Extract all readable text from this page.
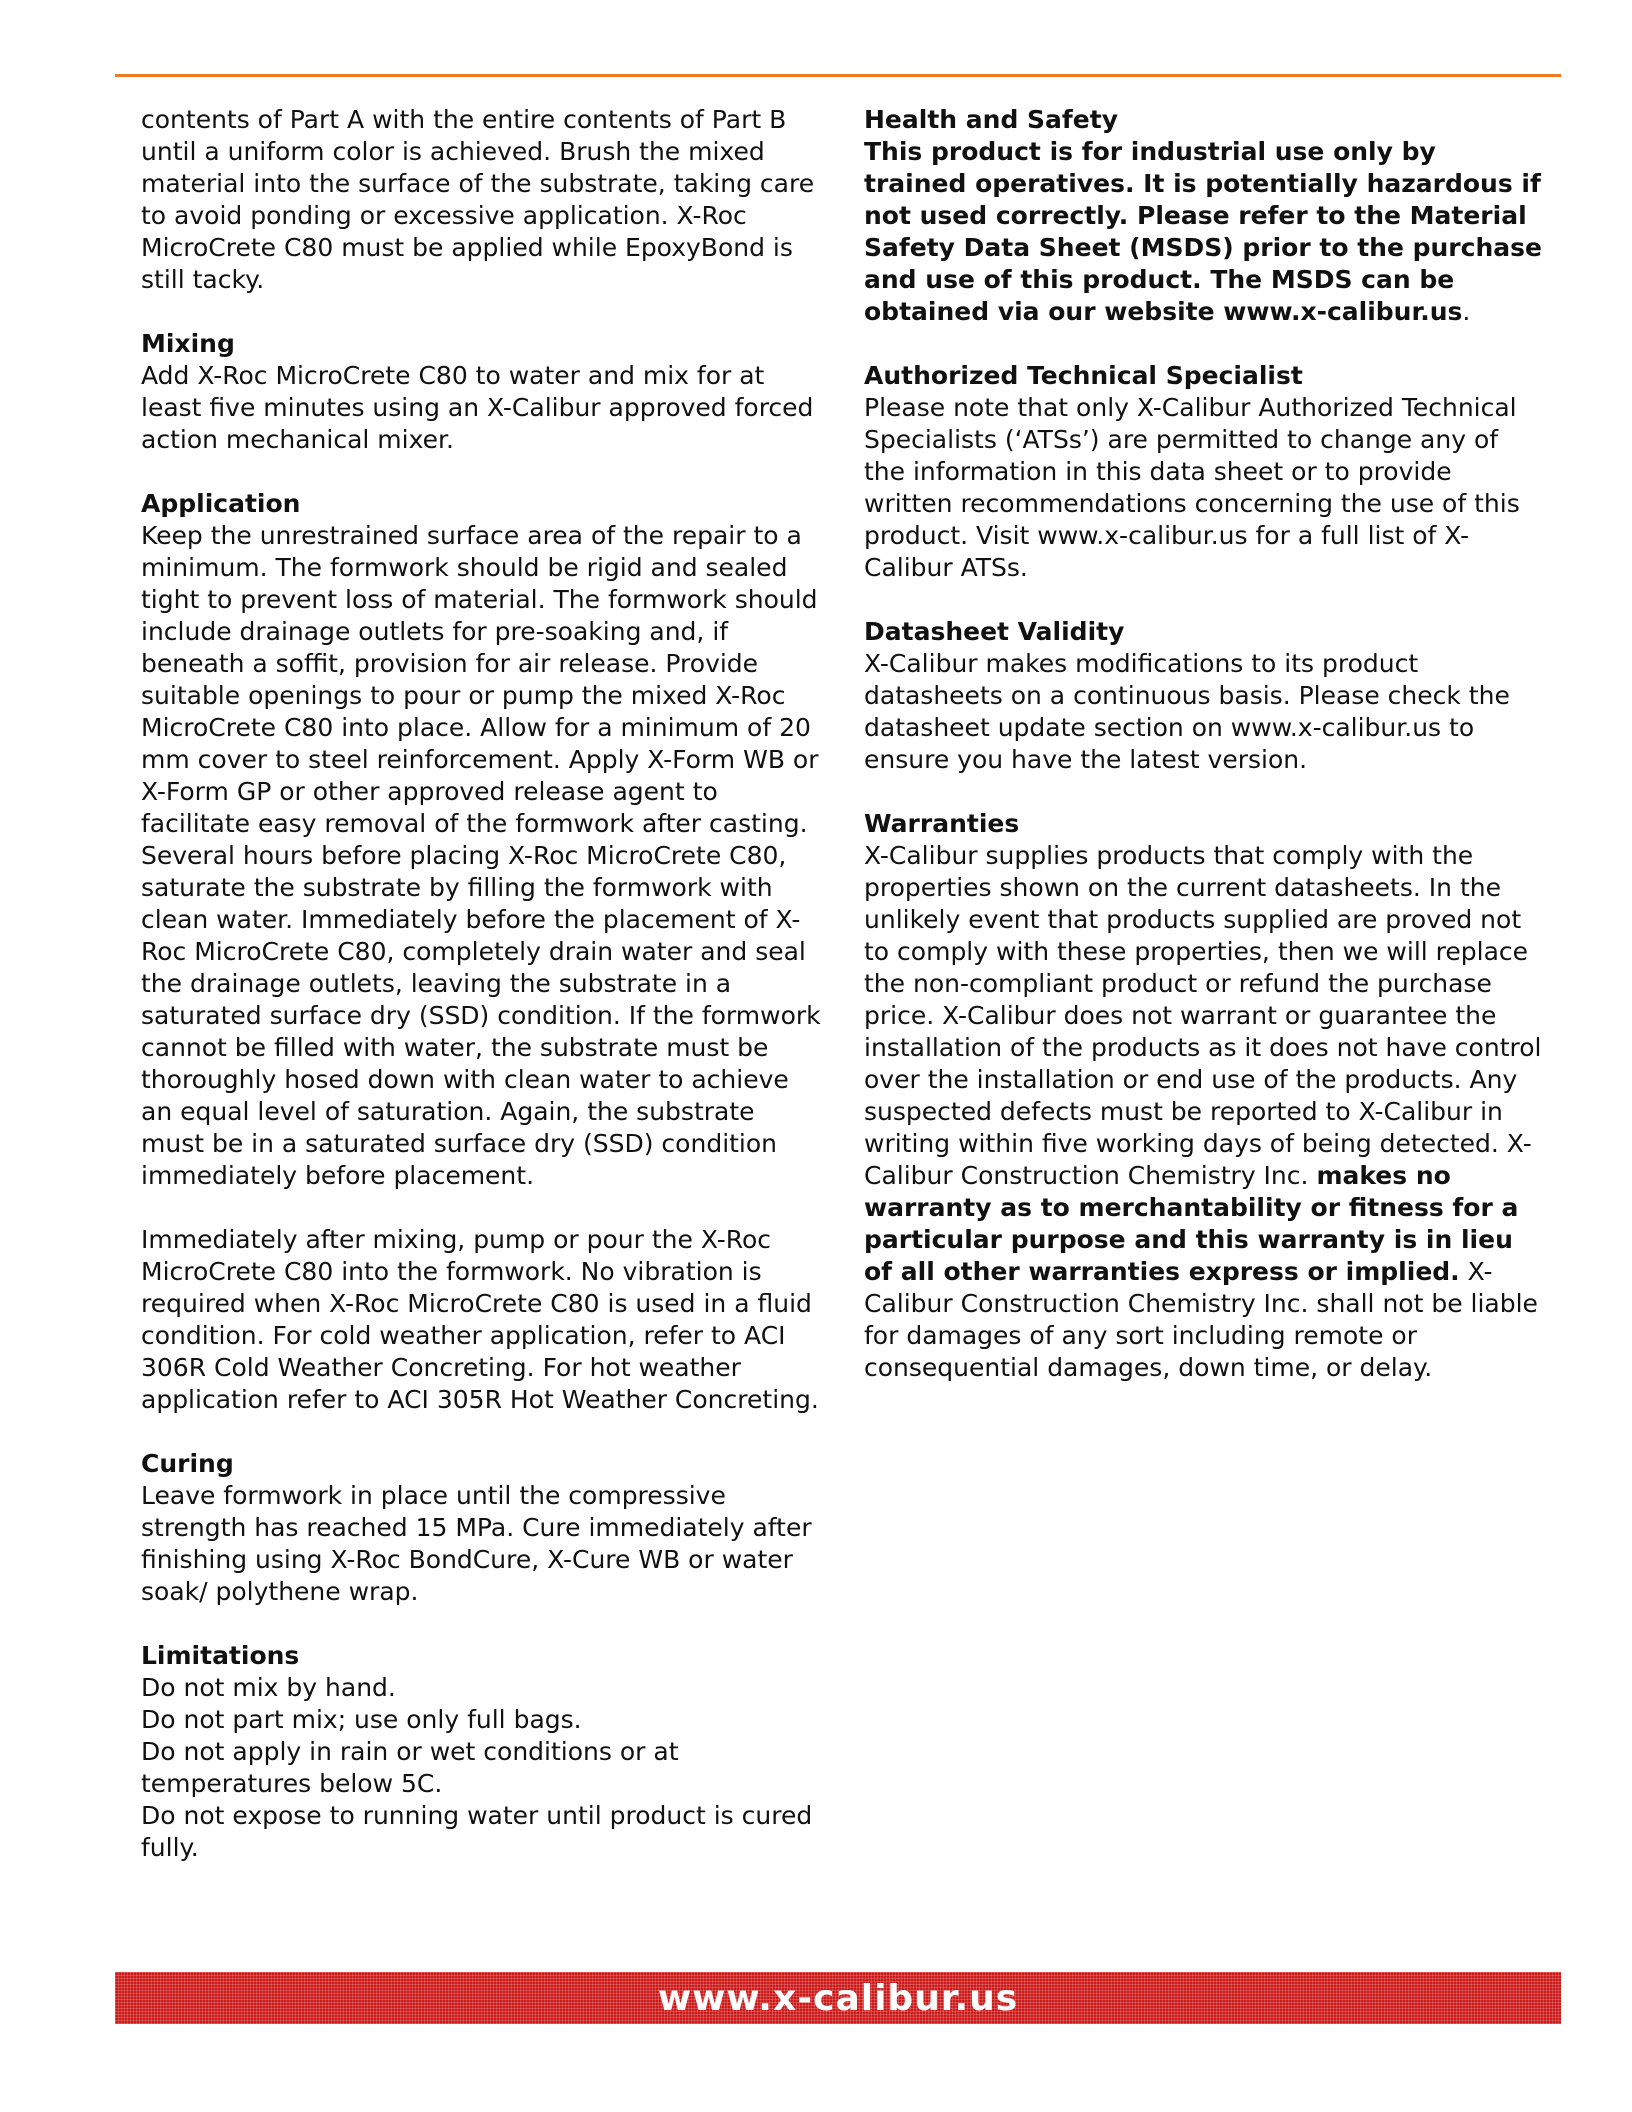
contents of Part A with the entire contents of Part B until a uniform color is achieved. Brush the mixed material into the surface of the substrate, taking care to avoid ponding or excessive application. X-Roc MicroCrete C80 must be applied while EpoxyBond is still tacky.
Mixing
Add X-Roc MicroCrete C80 to water and mix for at least five minutes using an X-Calibur approved forced action mechanical mixer.
Application
Keep the unrestrained surface area of the repair to a minimum. The formwork should be rigid and sealed tight to prevent loss of material. The formwork should include drainage outlets for pre-soaking and, if beneath a soffit, provision for air release. Provide suitable openings to pour or pump the mixed X-Roc MicroCrete C80 into place. Allow for a minimum of 20 mm cover to steel reinforcement. Apply X-Form WB or X-Form GP or other approved release agent to facilitate easy removal of the formwork after casting. Several hours before placing X-Roc MicroCrete C80, saturate the substrate by filling the formwork with clean water. Immediately before the placement of X-Roc MicroCrete C80, completely drain water and seal the drainage outlets, leaving the substrate in a saturated surface dry (SSD) condition. If the formwork cannot be filled with water, the substrate must be thoroughly hosed down with clean water to achieve an equal level of saturation. Again, the substrate must be in a saturated surface dry (SSD) condition immediately before placement.
Immediately after mixing, pump or pour the X-Roc MicroCrete C80 into the formwork. No vibration is required when X-Roc MicroCrete C80 is used in a fluid condition. For cold weather application, refer to ACI 306R Cold Weather Concreting. For hot weather application refer to ACI 305R Hot Weather Concreting.
Curing
Leave formwork in place until the compressive strength has reached 15 MPa. Cure immediately after finishing using X-Roc BondCure, X-Cure WB or water soak/ polythene wrap.
Limitations
Do not mix by hand.
Do not part mix; use only full bags.
Do not apply in rain or wet conditions or at temperatures below 5C.
Do not expose to running water until product is cured fully.
Health and Safety
This product is for industrial use only by trained operatives. It is potentially hazardous if not used correctly. Please refer to the Material Safety Data Sheet (MSDS) prior to the purchase and use of this product. The MSDS can be obtained via our website www.x-calibur.us.
Authorized Technical Specialist
Please note that only X-Calibur Authorized Technical Specialists (‘ATSs’) are permitted to change any of the information in this data sheet or to provide written recommendations concerning the use of this product. Visit www.x-calibur.us for a full list of X-Calibur ATSs.
Datasheet Validity
X-Calibur makes modifications to its product datasheets on a continuous basis. Please check the datasheet update section on www.x-calibur.us to ensure you have the latest version.
Warranties
X-Calibur supplies products that comply with the properties shown on the current datasheets. In the unlikely event that products supplied are proved not to comply with these properties, then we will replace the non-compliant product or refund the purchase price. X-Calibur does not warrant or guarantee the installation of the products as it does not have control over the installation or end use of the products. Any suspected defects must be reported to X-Calibur in writing within five working days of being detected. X-Calibur Construction Chemistry Inc. makes no warranty as to merchantability or fitness for a particular purpose and this warranty is in lieu of all other warranties express or implied. X-Calibur Construction Chemistry Inc. shall not be liable for damages of any sort including remote or consequential damages, down time, or delay.
www.x-calibur.us
